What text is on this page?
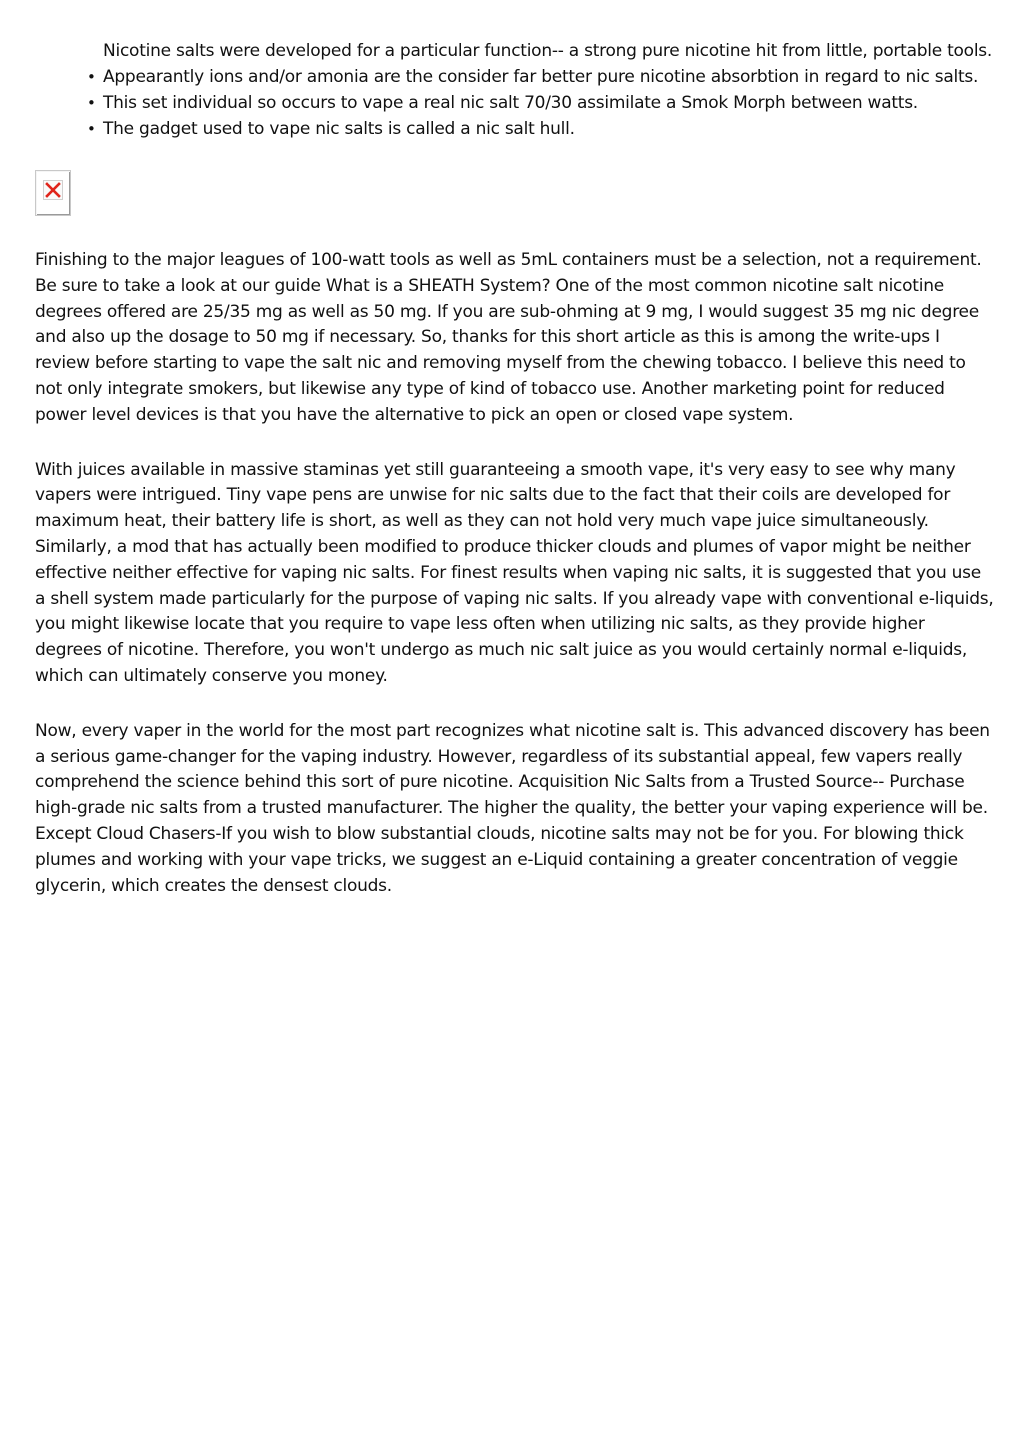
Nicotine salts were developed for a particular function-- a strong pure nicotine hit from little, portable tools.
• Appearantly ions and/or amonia are the consider far better pure nicotine absorbtion in regard to nic salts.
• This set individual so occurs to vape a real nic salt 70/30 assimilate a Smok Morph between watts.
• The gadget used to vape nic salts is called a nic salt hull.

Finishing to the major leagues of 100-watt tools as well as 5mL containers must be a selection, not a requirement. Be sure to take a look at our guide What is a SHEATH System? One of the most common nicotine salt nicotine degrees offered are 25/35 mg as well as 50 mg. If you are sub-ohming at 9 mg, I would suggest 35 mg nic degree and also up the dosage to 50 mg if necessary. So, thanks for this short article as this is among the write-ups I review before starting to vape the salt nic and removing myself from the chewing tobacco. I believe this need to not only integrate smokers, but likewise any type of kind of tobacco use. Another marketing point for reduced power level devices is that you have the alternative to pick an open or closed vape system.

With juices available in massive staminas yet still guaranteeing a smooth vape, it's very easy to see why many vapers were intrigued. Tiny vape pens are unwise for nic salts due to the fact that their coils are developed for maximum heat, their battery life is short, as well as they can not hold very much vape juice simultaneously. Similarly, a mod that has actually been modified to produce thicker clouds and plumes of vapor might be neither effective neither effective for vaping nic salts. For finest results when vaping nic salts, it is suggested that you use a shell system made particularly for the purpose of vaping nic salts. If you already vape with conventional e-liquids, you might likewise locate that you require to vape less often when utilizing nic salts, as they provide higher degrees of nicotine. Therefore, you won't undergo as much nic salt juice as you would certainly normal e-liquids, which can ultimately conserve you money.

Now, every vaper in the world for the most part recognizes what nicotine salt is. This advanced discovery has been a serious game-changer for the vaping industry. However, regardless of its substantial appeal, few vapers really comprehend the science behind this sort of pure nicotine. Acquisition Nic Salts from a Trusted Source-- Purchase high-grade nic salts from a trusted manufacturer. The higher the quality, the better your vaping experience will be. Except Cloud Chasers-If you wish to blow substantial clouds, nicotine salts may not be for you. For blowing thick plumes and working with your vape tricks, we suggest an e-Liquid containing a greater concentration of veggie glycerin, which creates the densest clouds.
